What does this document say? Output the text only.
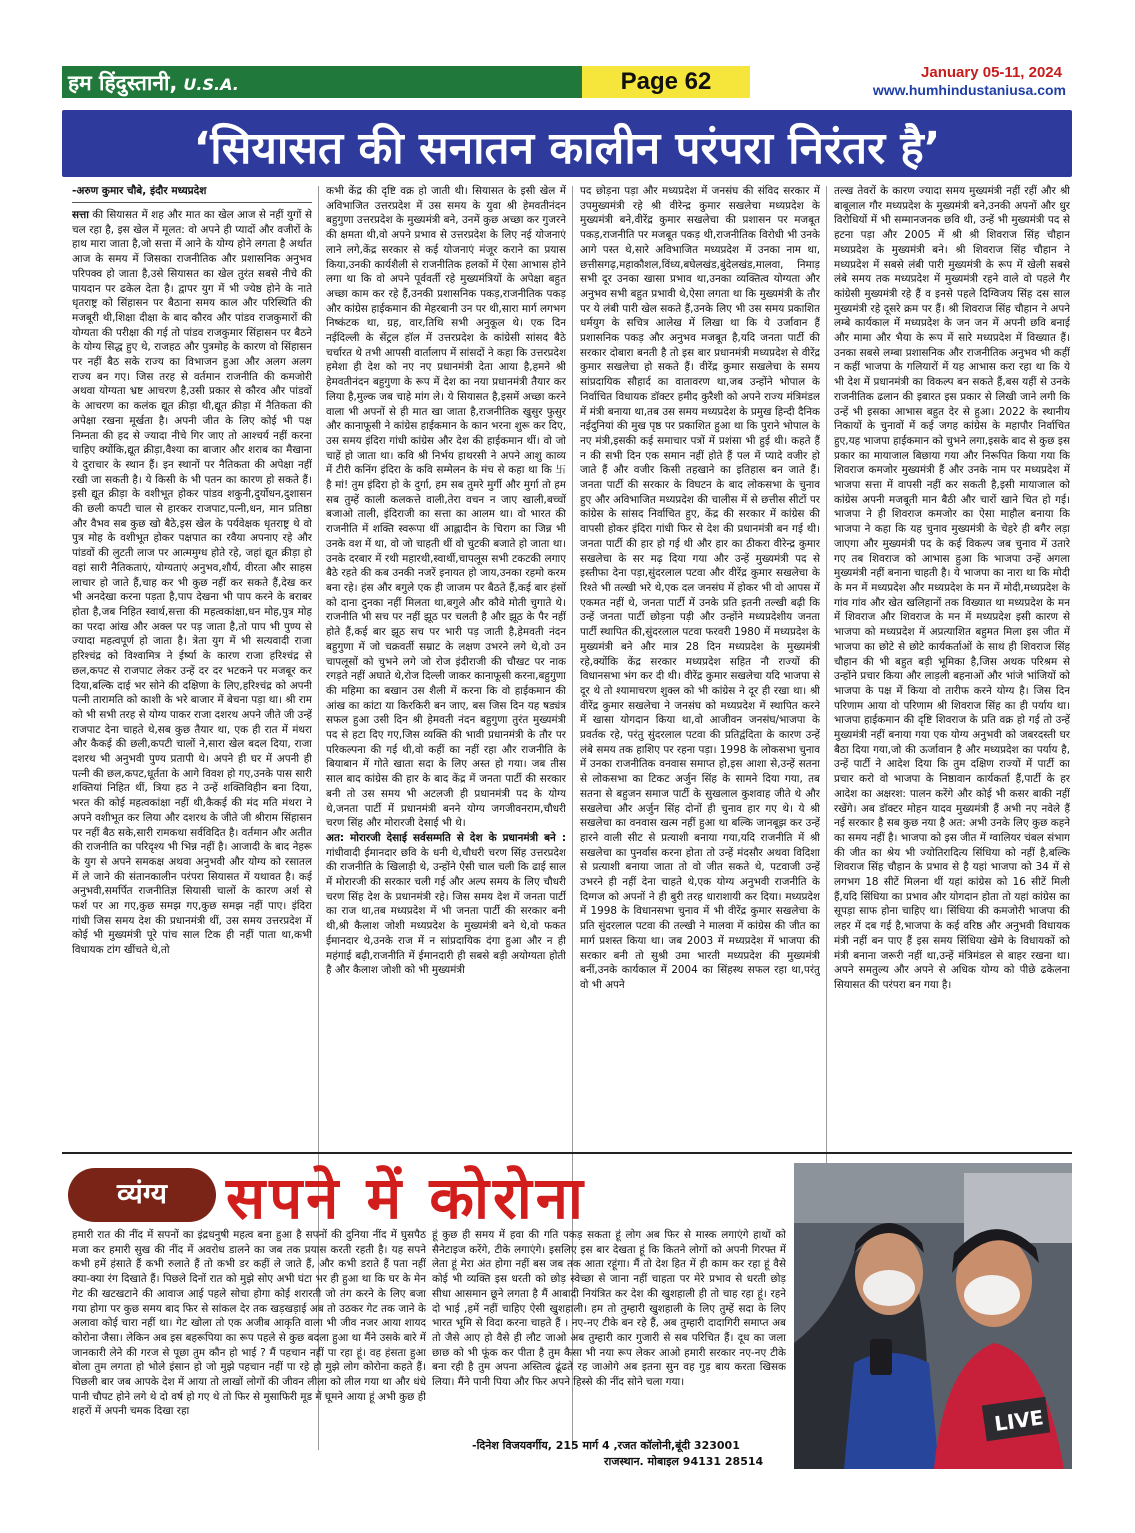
हम हिंदुस्तानी, U.S.A.	Page 62	January 05-11, 2024
www.humhindustaniusa.com
‘सियासत की सनातन कालीन परंपरा निरंतर है’
-अरुण कुमार चौबे, इंदौर मध्यप्रदेश

सत्ता की सियासत में शह और मात का खेल आज से नहीं युगों से चल रहा है, इस खेल में मूलत: वो अपने ही प्यादों और वजीरों के हाथ मारा जाता है,जो सत्ता में आने के योग्य होने लगता है अर्थात आज के समय में जिसका राजनीतिक और प्रशासनिक अनुभव परिपक्व हो जाता है,उसे सियासत का खेल तुरंत सबसे नीचे की पायदान पर ढकेल देता है। द्वापर युग में भी ज्येष्ठ होने के नाते धृतराष्ट्र को सिंहासन पर बैठाना समय काल और परिस्थिति की मजबूरी थी,शिक्षा दीक्षा के बाद कौरव और पांडव राजकुमारों की योग्यता की परीक्षा की गई तो पांडव राजकुमार सिंहासन पर बैठने के योग्य सिद्ध हुए थे, राजहठ और पुत्रमोह के कारण वो सिंहासन पर नहीं बैठ सके राज्य का विभाजन हुआ और अलग अलग राज्य बन गए। जिस तरह से वर्तमान राजनीति की कमजोरी अथवा योग्यता भ्रष्ट आचरण है,उसी प्रकार से कौरव और पांडवों के आचरण का कलंक द्यूत क्रीड़ा थी,द्यूत क्रीड़ा में नैतिकता की अपेक्षा रखना मूर्खता है। अपनी जीत के लिए कोई भी पक्ष निम्नता की हद से ज्यादा नीचे गिर जाए तो आश्चर्य नहीं करना चाहिए क्योंकि,द्यूत क्रीड़ा,वैश्या का बाजार और शराब का मैखाना ये दुराचार के स्थान हैं। इन स्थानों पर नैतिकता की अपेक्षा नहीं रखी जा सकती है। ये किसी के भी पतन का कारण हो सकते हैं। इसी द्यूत क्रीड़ा के वशीभूत होकर पांडव शकुनी,दुर्योधन,दुशासन की छली कपटी चाल से हारकर राजपाट,पत्नी,धन, मान प्रतिष्ठा और वैभव सब कुछ खो बैठे,इस खेल के पर्यवेक्षक धृतराष्ट्र थे वो पुत्र मोह के वशीभूत होकर पक्षपात का रवैया अपनाए रहे और पांडवों की लुटती लाज पर आत्ममुग्ध होते रहे, जहां द्यूत क्रीड़ा हो वहां सारी नैतिकताएं, योग्यताएं अनुभव,शौर्य, वीरता और साहस लाचार हो जाते हैं,चाह कर भी कुछ नहीं कर सकते हैं,देख कर भी अनदेखा करना पड़ता है,पाप देखना भी पाप करने के बराबर होता है,जब निहित स्वार्थ,सत्ता की महत्वकांक्षा,धन मोह,पुत्र मोह का परदा आंख और अक्ल पर पड़ जाता है,तो पाप भी पुण्य से ज्यादा महत्वपूर्ण हो जाता है। त्रेता युग में भी सत्यवादी राजा हरिश्चंद्र को विश्वामित्र ने ईर्ष्या के कारण राजा हरिश्चंद्र से छल,कपट से राजपाट लेकर उन्हें दर दर भटकने पर मजबूर कर दिया,बल्कि दाई भर सोने की दक्षिणा के लिए,हरिश्चंद्र को अपनी पत्नी तारामति को काशी के भरे बाजार में बेचना पड़ा था। श्री राम को भी सभी तरह से योग्य पाकर राजा दशरथ अपने जीते जी उन्हें राजपाट देना चाहते थे,सब कुछ तैयार था, एक ही रात में मंथरा और कैकई की छली,कपटी चालों ने,सारा खेल बदल दिया, राजा दशरथ भी अनुभवी पुण्य प्रतापी थे। अपने ही घर में अपनी ही पत्नी की छल,कपट,धूर्तता के आगे विवश हो गए,उनके पास सारी शक्तियां निहित थीं, त्रिया हठ ने उन्हें शक्तिविहीन बना दिया, भरत की कोई महत्वकांक्षा नहीं थी,कैकई की मंद मति मंथरा ने अपने वशीभूत कर लिया और दशरथ के जीते जी श्रीराम सिंहासन पर नहीं बैठ सके,सारी रामकथा सर्वविदित है। वर्तमान और अतीत की राजनीति का परिदृश्य भी भिन्न नहीं है। आजादी के बाद नेहरू के युग से अपने समकक्ष अथवा अनुभवी और योग्य को रसातल में ले जाने की संतानकालीन परंपरा सियासत में यथावत है। कई अनुभवी,समर्पित राजनीतिज्ञ सियासी चालों के कारण अर्श से फर्श पर आ गए,कुछ समझ गए,कुछ समझ नहीं पाए। इंदिरा गांधी जिस समय देश की प्रधानमंत्री थीं, उस समय उत्तरप्रदेश में कोई भी मुख्यमंत्री पूरे पांच साल टिक ही नहीं पाता था,कभी विधायक टांग खींचते थे,तो

कभी केंद्र की दृष्टि वक्र हो जाती थी। सियासत के इसी खेल में अविभाजित उत्तरप्रदेश में उस समय के युवा श्री हेमवतीनंदन बहुगुणा उत्तरप्रदेश के मुख्यमंत्री बने, उनमें कुछ अच्छा कर गुजरने की क्षमता थी,वो अपने प्रभाव से उत्तरप्रदेश के लिए नई योजनाएं लाने लगे,केंद्र सरकार से कई योजनाएं मंजूर कराने का प्रयास किया,उनकी कार्यशैली से राजनीतिक हलकों में ऐसा आभास होने लगा था कि वो अपने पूर्ववर्ती रहे मुख्यमंत्रियों के अपेक्षा बहुत अच्छा काम कर रहे हैं,उनकी प्रशासनिक पकड़,राजनीतिक पकड़ और कांग्रेस हाईकमान की मेहरबानी उन पर थी,सारा मार्ग लगभग निष्कंटक था, ग्रह, वार,तिथि सभी अनुकूल थे। एक दिन नईदिल्ली के सेंट्रल हॉल में उत्तरप्रदेश के कांग्रेसी सांसद बैठे चर्चारत थे तभी आपसी वार्तालाप में सांसदों ने कहा कि उत्तरप्रदेश हमेशा ही देश को नए नए प्रधानमंत्री देता आया है,हमने श्री हेमवतीनंदन बहुगुणा के रूप में देश का नया प्रधानमंत्री तैयार कर लिया है,मुल्क जब चाहे मांग ले। ये सियासत है,इसमें अच्छा करने वाला भी अपनों से ही मात खा जाता है,राजनीतिक खुसुर फुसुर और कानाफूसी ने कांग्रेस हाईकमान के कान भरना शुरू कर दिए, उस समय इंदिरा गांधी कांग्रेस और देश की हाईकमान थीं। वो जो चाहें हो जाता था। कवि श्री निर्भय हाथरसी ने अपने आशु काव्य में टीरी कनिंग इंदिरा के कवि सम्मेलन के मंच से कहा था कि 卐 है मां! तुम इंदिरा हो के दुर्गा, हम सब तुमरे मुर्गी और मुर्गा तो हम सब तुम्हें काली कलकत्ते वाली,तेरा वचन न जाए खाली,बच्चों बजाओ ताली, इंदिराजी का सत्ता का आलम था। वो भारत की राजनीति में शक्ति स्वरूपा थीं आह्लादीन के चिराग का जिन्न भी उनके वश में था, वो जो चाहती थीं वो चुटकी बजाते हो जाता था। उनके दरबार में रथी महारथी,स्वार्थी,चापलूस सभी टकटकी लगाए बैठे रहते की कब उनकी नजरें इनायत हो जाय,उनका रहमो करम बना रहे। हंस और बगुले एक ही जाजम पर बैठते हैं,कई बार हंसों को दाना दुनका नहीं मिलता था,बगुले और कौवे मोती चुगाते थे। राजनीति भी सच पर नहीं झूठ पर चलती है और झूठ के पैर नहीं होते हैं,कई बार झूठ सच पर भारी पड़ जाती है,हेमवती नंदन बहुगुणा में जो चक्रवर्ती सम्राट के लक्षण उभरने लगे थे,वो उन चापलूसों को चुभने लगे जो रोज इंदीराजी की चौखट पर नाक रगड़ते नहीं अघाते थे,रोज दिल्ली जाकर कानाफूसी करना,बहुगुणा की महिमा का बखान उस शैली में करना कि वो हाईकमान की आंख का कांटा या किरकिरी बन जाए, बस जिस दिन यह षड्यंत्र सफल हुआ उसी दिन श्री हेमवती नंदन बहुगुणा तुरंत मुख्यमंत्री पद से हटा दिए गए,जिस व्यक्ति की भावी प्रधानमंत्री के तौर पर परिकल्पना की गई थी,वो कहीं का नहीं रहा और राजनीति के बियाबान में गोते खाता सदा के लिए अस्त हो गया। जब तीस साल बाद कांग्रेस की हार के बाद केंद्र में जनता पार्टी की सरकार बनी तो उस समय भी अटलजी ही प्रधानमंत्री पद के योग्य थे,जनता पार्टी में प्रधानमंत्री बनने योग्य जगजीवनराम,चौधरी चरण सिंह और मोरारजी देसाई भी थे।

अत: मोरारजी देसाई सर्वसम्मति से देश के प्रधानमंत्री बने : गांधीवादी ईमानदार छवि के धनी थे,चौधरी चरण सिंह उत्तरप्रदेश की राजनीति के खिलाड़ी थे, उन्होंने ऐसी चाल चली कि ढाई साल में मोरारजी की सरकार चली गई और अल्प समय के लिए चौधरी चरण सिंह देश के प्रधानमंत्री रहे। जिस समय देश में जनता पार्टी का राज था,तब मध्यप्रदेश में भी जनता पार्टी की सरकार बनी थी,श्री कैलाश जोशी मध्यप्रदेश के मुख्यमंत्री बने थे,वो फकत ईमानदार थे,उनके राज में न सांप्रदायिक दंगा हुआ और न ही महंगाई बढ़ी,राजनीति में ईमानदारी ही सबसे बड़ी अयोग्यता होती है और कैलाश जोशी को भी मुख्यमंत्री

पद छोड़ना पड़ा और मध्यप्रदेश में जनसंघ की संविद सरकार में उपमुख्यमंत्री रहे श्री वीरेन्द्र कुमार सखलेचा मध्यप्रदेश के मुख्यमंत्री बने,वीरेंद्र कुमार सखलेचा की प्रशासन पर मजबूत पकड़,राजनीति पर मजबूत पकड़ थी,राजनीतिक विरोधी भी उनके आगे पस्त थे,सारे अविभाजित मध्यप्रदेश में उनका नाम था, छत्तीसगढ़,महाकौशल,विंध्य,बघेलखंड,बुंदेलखंड,मालवा, निमाड़ सभी दूर उनका खासा प्रभाव था,उनका व्यक्तित्व योग्यता और अनुभव सभी बहुत प्रभावी थे,ऐसा लगता था कि मुख्यमंत्री के तौर पर ये लंबी पारी खेल सकते हैं,उनके लिए भी उस समय प्रकाशित धर्मयुग के सचित्र आलेख में लिखा था कि ये उर्जावान हैं प्रशासनिक पकड़ और अनुभव मजबूत है,यदि जनता पार्टी की सरकार दोबारा बनती है तो इस बार प्रधानमंत्री मध्यप्रदेश से वीरेंद्र कुमार सखलेचा हो सकते हैं। वीरेंद्र कुमार सखलेचा के समय सांप्रदायिक सौहार्द का वातावरण था,जब उन्होंने भोपाल के निर्वाचित विधायक डॉक्टर हमीद कुरैशी को अपने राज्य मंत्रिमंडल में मंत्री बनाया था,तब उस समय मध्यप्रदेश के प्रमुख हिन्दी दैनिक नईदुनियां की मुख पृष्ठ पर प्रकाशित हुआ था कि पुराने भोपाल के नए मंत्री,इसकी कई समाचार पत्रों में प्रशंसा भी हुई थी। कहते हैं न की सभी दिन एक समान नहीं होते हैं पल में प्यादे वजीर हो जाते हैं और वजीर किसी तहखाने का इतिहास बन जाते हैं। जनता पार्टी की सरकार के विघटन के बाद लोकसभा के चुनाव हुए और अविभाजित मध्यप्रदेश की चालीस में से छत्तीस सीटों पर कांग्रेस के सांसद निर्वाचित हुए, केंद्र की सरकार में कांग्रेस की वापसी होकर इंदिरा गांधी फिर से देश की प्रधानमंत्री बन गई थी। जनता पार्टी की हार हो गई थी और हार का ठीकरा वीरेन्द्र कुमार सखलेचा के सर मढ़ दिया गया और उन्हें मुख्यमंत्री पद से इस्तीफा देना पड़ा,सुंदरलाल पटवा और वीरेंद्र कुमार सखलेचा के रिश्ते भी तल्खी भरे थे,एक दल जनसंघ में होकर भी वो आपस में एकमत नहीं थे, जनता पार्टी में उनके प्रति इतनी तल्खी बढ़ी कि उन्हें जनता पार्टी छोड़ना पड़ी और उन्होंने मध्यप्रदेशीय जनता पार्टी स्थापित की,सुंदरलाल पटवा फरवरी 1980 में मध्यप्रदेश के मुख्यमंत्री बने और मात्र 28 दिन मध्यप्रदेश के मुख्यमंत्री रहे,क्योंकि केंद्र सरकार मध्यप्रदेश सहित नौ राज्यों की विधानसभा भंग कर दी थी। वीरेंद्र कुमार सखलेचा यदि भाजपा से दूर थे तो श्यामाचरण शुक्ल को भी कांग्रेस ने दूर ही रखा था। श्री वीरेंद्र कुमार सखलेचा ने जनसंघ को मध्यप्रदेश में स्थापित करने में खासा योगदान किया था,वो आजीवन जनसंघ/भाजपा के प्रवर्तक रहे, परंतु सुंदरलाल पटवा की प्रतिद्वंदिता के कारण उन्हें लंबे समय तक हाशिए पर रहना पड़ा। 1998 के लोकसभा चुनाव में उनका राजनीतिक वनवास समाप्त हो,इस आशा से,उन्हें सतना से लोकसभा का टिकट अर्जुन सिंह के सामने दिया गया, तब सतना से बहुजन समाज पार्टी के सुखलाल कुशवाह जीते थे और सखलेचा और अर्जुन सिंह दोनों ही चुनाव हार गए थे। ये श्री सखलेचा का वनवास खत्म नहीं हुआ था बल्कि जानबूझ कर उन्हें हारने वाली सीट से प्रत्याशी बनाया गया,यदि राजनीति में श्री सखलेचा का पुनर्वास करना होता तो उन्हें मंदसौर अथवा विदिशा से प्रत्याशी बनाया जाता तो वो जीत सकते थे, पटवाजी उन्हें उभरने ही नहीं देना चाहते थे,एक योग्य अनुभवी राजनीति के दिग्गज को अपनों ने ही बुरी तरह धाराशायी कर दिया। मध्यप्रदेश में 1998 के विधानसभा चुनाव में भी वीरेंद्र कुमार सखलेचा के प्रति सुंदरलाल पटवा की तल्खी ने मालवा में कांग्रेस की जीत का मार्ग प्रशस्त किया था। जब 2003 में मध्यप्रदेश में भाजपा की सरकार बनी तो सुश्री उमा भारती मध्यप्रदेश की मुख्यमंत्री बनीं,उनके कार्यकाल में 2004 का सिंहस्थ सफल रहा था,परंतु वो भी अपने

तल्ख तेवरों के कारण ज्यादा समय मुख्यमंत्री नहीं रहीं और श्री बाबूलाल गौर मध्यप्रदेश के मुख्यमंत्री बने,उनकी अपनों और धुर विरोधियों में भी सम्मानजनक छवि थी, उन्हें भी मुख्यमंत्री पद से हटना पड़ा और 2005 में श्री श्री शिवराज सिंह चौहान मध्यप्रदेश के मुख्यमंत्री बने। श्री शिवराज सिंह चौहान ने मध्यप्रदेश में सबसे लंबी पारी मुख्यमंत्री के रूप में खेली सबसे लंबे समय तक मध्यप्रदेश में मुख्यमंत्री रहने वाले वो पहले गैर कांग्रेसी मुख्यमंत्री रहे हैं व इनसे पहले दिग्विजय सिंह दस साल मुख्यमंत्री रहे दूसरे क्रम पर हैं। श्री शिवराज सिंह चौहान ने अपने लम्बे कार्यकाल में मध्यप्रदेश के जन जन में अपनी छवि बनाई और मामा और भैया के रूप में सारे मध्यप्रदेश में विख्यात हैं। उनका सबसे लम्बा प्रशासनिक और राजनीतिक अनुभव भी कहीं न कहीं भाजपा के गलियारों में यह आभास करा रहा था कि ये भी देश में प्रधानमंत्री का विकल्प बन सकते हैं,बस यहीं से उनके राजनीतिक ढलान की इबारत इस प्रकार से लिखी जाने लगी कि उन्हें भी इसका आभास बहुत देर से हुआ। 2022 के स्थानीय निकायों के चुनावों में कई जगह कांग्रेस के महापौर निर्वाचित हुए,यह भाजपा हाईकमान को चुभने लगा,इसके बाद से कुछ इस प्रकार का मायाजाल बिछाया गया और निरूपित किया गया कि शिवराज कमजोर मुख्यमंत्री हैं और उनके नाम पर मध्यप्रदेश में भाजपा सत्ता में वापसी नहीं कर सकती है,इसी मायाजाल को कांग्रेस अपनी मजबूती मान बैठी और चारों खाने चित हो गई। भाजपा ने ही शिवराज कमजोर का ऐसा माहौल बनाया कि भाजपा ने कहा कि यह चुनाव मुख्यमंत्री के चेहरे ही बगैर लड़ा जाएगा और मुख्यमंत्री पद के कई विकल्प जब चुनाव में उतारे गए तब शिवराज को आभास हुआ कि भाजपा उन्हें अगला मुख्यमंत्री नहीं बनाना चाहती है। ये भाजपा का नारा था कि मोदी के मन में मध्यप्रदेश और मध्यप्रदेश के मन में मोदी,मध्यप्रदेश के गांव गांव और खेत खलिहानों तक विख्यात था मध्यप्रदेश के मन में शिवराज और शिवराज के मन में मध्यप्रदेश इसी कारण से भाजपा को मध्यप्रदेश में अप्रत्याशित बहुमत मिला इस जीत में भाजपा का छोटे से छोटे कार्यकर्ताओं के साथ ही शिवराज सिंह चौहान की भी बहुत बड़ी भूमिका है,जिस अथक परिश्रम से उन्होंने प्रचार किया और लाड़ली बहनाओं और भांजे भांजियों को भाजपा के पक्ष में किया वो तारीफ करने योग्य है। जिस दिन परिणाम आया वो परिणाम श्री शिवराज सिंह का ही पर्याय था। भाजपा हाईकमान की दृष्टि शिवराज के प्रति वक्र हो गई तो उन्हें मुख्यमंत्री नहीं बनाया गया एक योग्य अनुभवी को जबरदस्ती घर बैठा दिया गया,जो की ऊर्जावान है और मध्यप्रदेश का पर्याय है, उन्हें पार्टी ने आदेश दिया कि तुम दक्षिण राज्यों में पार्टी का प्रचार करो वो भाजपा के निष्ठावान कार्यकर्ता हैं,पार्टी के हर आदेश का अक्षरश: पालन करेंगे और कोई भी कसर बाकी नहीं रखेंगे। अब डॉक्टर मोहन यादव मुख्यमंत्री हैं अभी नए नवेले हैं नई सरकार है सब कुछ नया है अत: अभी उनके लिए कुछ कहने का समय नहीं है। भाजपा को इस जीत में ग्वालियर चंबल संभाग की जीत का श्रेय भी ज्योतिरादित्य सिंधिया को नहीं है,बल्कि शिवराज सिंह चौहान के प्रभाव से है यहां भाजपा को 34 में से लगभग 18 सीटें मिलना थीं यहां कांग्रेस को 16 सीटें मिली हैं,यदि सिंधिया का प्रभाव और योगदान होता तो यहां कांग्रेस का सूपड़ा साफ होना चाहिए था। सिंधिया की कमजोरी भाजपा की लहर में दब गई है,भाजपा के कई वरिष्ठ और अनुभवी विधायक मंत्री नहीं बन पाए हैं इस समय सिंधिया खेमे के विधायकों को मंत्री बनाना जरूरी नहीं था,उन्हें मंत्रिमंडल से बाहर रखना था। अपने समतुल्य और अपने से अधिक योग्य को पीछे ढकेलना सियासत की परंपरा बन गया है।

व्यंग्य	सपने में कोरोना

हमारी रात की नींद में सपनों का इंद्रधनुषी महत्व बना हुआ है सपनों की दुनिया नींद में घुसपैठ मजा कर हमारी सुख की नींद में अवरोध डालने का जब तक प्रयास करती रहती है। यह सपने कभी हमें हंसाते हैं कभी रुलाते हैं तो कभी डर कहीं ले जाते हैं, और कभी डराते हैं पता नहीं क्या-क्या रंग दिखाते हैं। पिछले दिनों रात को मुझे सोए अभी घंटा भर ही हुआ था कि घर के मेन गेट की खटखटाने की आवाज आई पहले सोचा होगा कोई शरारती जो तंग करने के लिए बजा गया होगा पर कुछ समय बाद फिर से सांकल देर तक खड़खड़ाई अब तो उठकर गेट तक जाने के अलावा कोई चारा नहीं था। गेट खोला तो एक अजीब आकृति वाला भी जीव नजर आया शायद कोरोना जैसा। लेकिन अब इस बहरूपिया का रूप पहले से कुछ बदला हुआ था मैंने उसके बारे में जानकारी लेने की गरज से पूछा तुम कौन हो भाई ? मैं पहचान नहीं पा रहा हूं। वह हंसता हुआ बोला तुम लगता हो भोले इंसान हो जो मुझे पहचान नहीं पा रहे हो मुझे लोग कोरोना कहते हैं। पिछली बार जब आपके देश में आया तो लाखों लोगों की जीवन लीला को लील गया था और धंधे पानी चौपट होने लगे थे दो वर्ष हो गए थे तो फिर से मुसाफिरी मूड में घूमने आया हूं अभी कुछ ही शहरों में अपनी चमक दिखा रहा

हूं कुछ ही समय में हवा की गति पकड़ सकता हूं लोग अब फिर से मास्क लगाएंगे हाथों को सैनेटाइज करेंगे, टीके लगाएंगे। इसलिए इस बार देखता हूं कि कितने लोगों को अपनी गिरफ्त में लेता हूं मेरा अंत होगा नहीं बस जब तक आता रहूंगा। मैं तो देश हित में ही काम कर रहा हूं वैसे कोई भी व्यक्ति इस धरती को छोड़ स्वेच्छा से जाना नहीं चाहता पर मेरे प्रभाव से धरती छोड़ सीधा आसमान छूने लगता है मैं आबादी नियंत्रित कर देश की खुशहाली ही तो चाह रहा हूं। रहने दो भाई ,हमें नहीं चाहिए ऐसी खुशहाली। हम तो तुम्हारी खुशहाली के लिए तुम्हें सदा के लिए भारत भूमि से विदा करना चाहते हैं । नए-नए टीके बन रहे हैं, अब तुम्हारी दादागिरी समाप्त अब तो जैसे आए हो वैसे ही लौट जाओ अब तुम्हारी कार गुजारी से सब परिचित हैं। दूध का जला छाछ को भी फूंक कर पीता है तुम कैसा भी नया रूप लेकर आओ हमारी सरकार नए-नए टीके बना रही है तुम अपना अस्तित्व ढूंढते रह जाओगे अब इतना सुन वह गुड़ बाय करता खिसक लिया। मैंने पानी पिया और फिर अपने हिस्से की नींद सोने चला गया।

-दिनेश विजयवर्गीय, 215 मार्ग 4 ,रजत कॉलोनी,बूंदी 323001
राजस्थान. मोबाइल 94131 28514
LIVE
